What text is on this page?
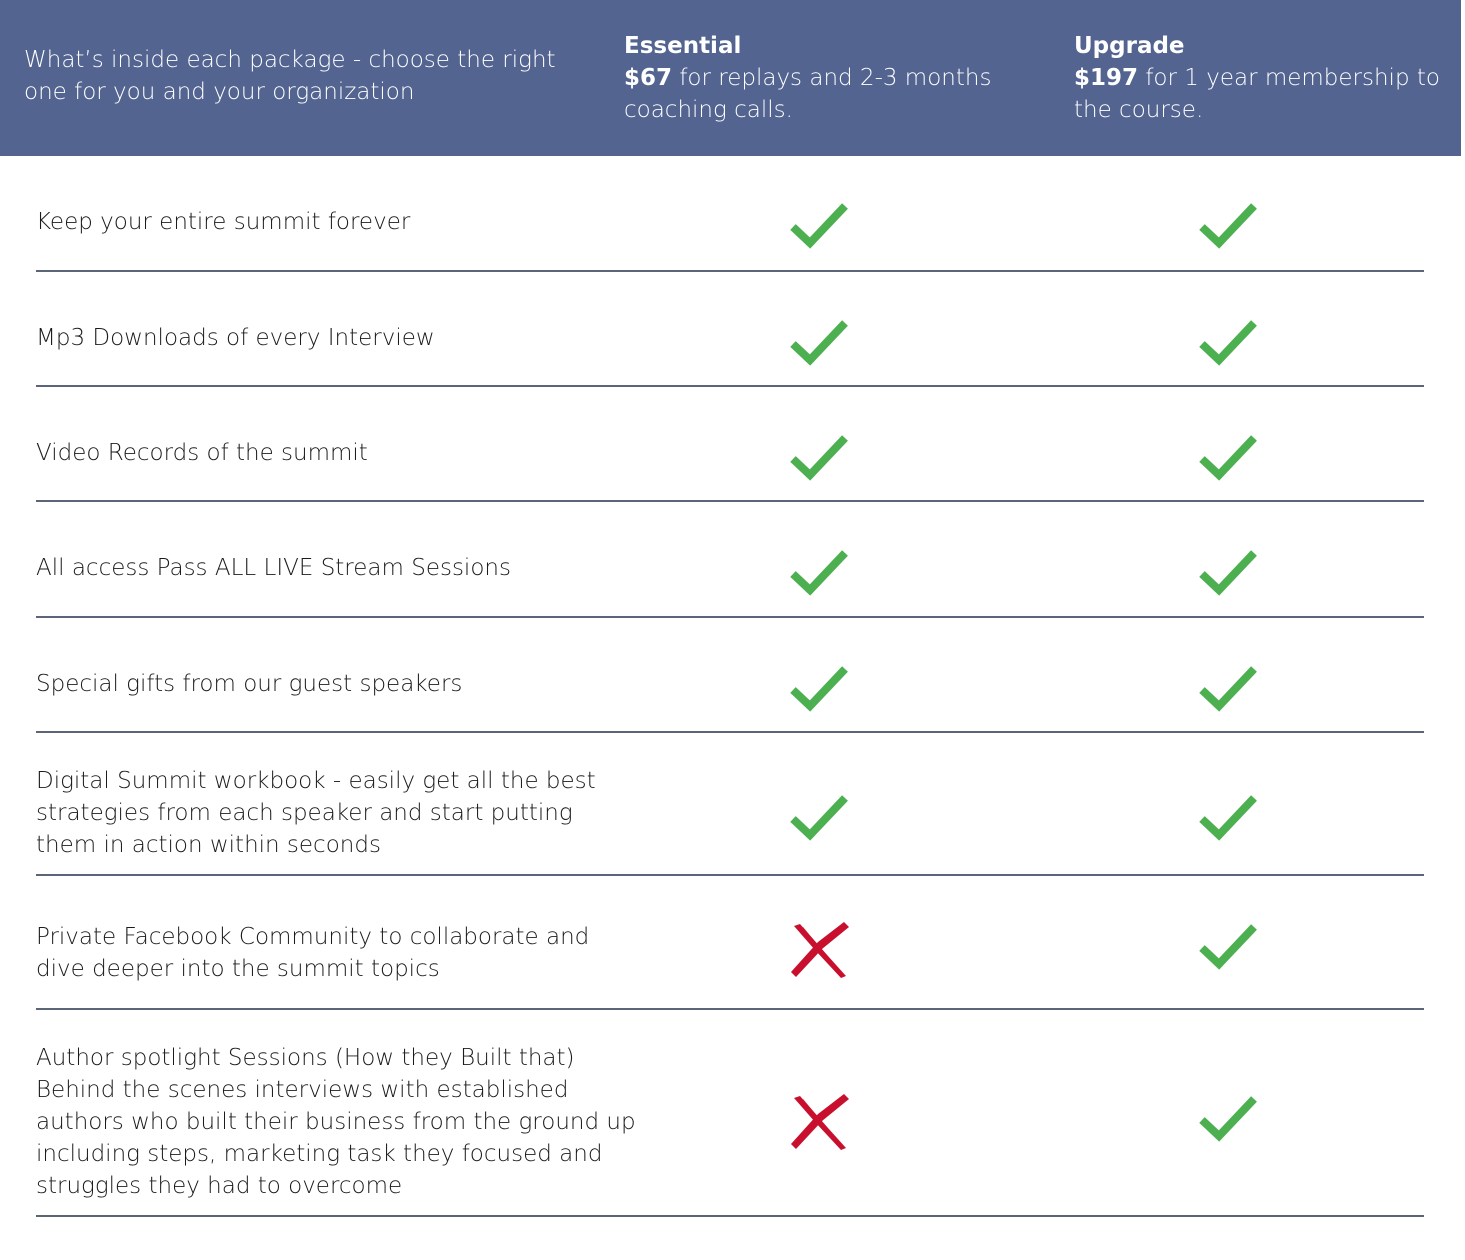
What’s inside each package - choose the right one for you and your organization
Essential
$67 for replays and 2-3 months coaching calls.
Upgrade
$197 for 1 year membership to the course.
Keep your entire summit forever
Mp3 Downloads of every Interview
Video Records of the summit
All access Pass ALL LIVE Stream Sessions
Special gifts from our guest speakers
Digital Summit workbook - easily get all the best strategies from each speaker and start putting them in action within seconds
Private Facebook Community to collaborate and dive deeper into the summit topics
Author spotlight Sessions (How they Built that) Behind the scenes interviews with established authors who built their business from the ground up including steps, marketing task they focused and struggles they had to overcome
